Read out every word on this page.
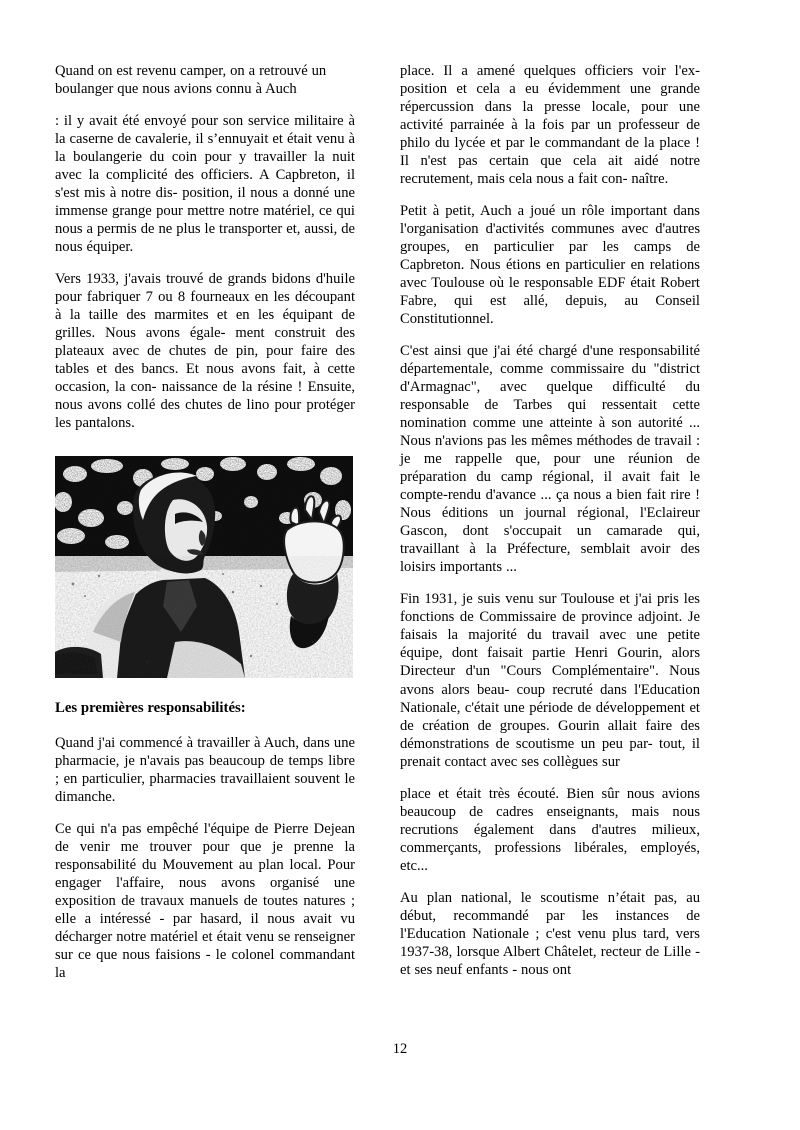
Quand on est revenu camper, on a retrouvé un boulanger que nous avions connu à Auch

: il y avait été envoyé pour son service militaire à la caserne de cavalerie, il s’ennuyait et était venu à la boulangerie du coin pour y travailler la nuit avec la complicité des officiers. A Capbreton, il s'est mis à notre dis- position, il nous a donné une immense grange pour mettre notre matériel, ce qui nous a permis de ne plus le transporter et, aussi, de nous équiper.

Vers 1933, j'avais trouvé de grands bidons d'huile pour fabriquer 7 ou 8 fourneaux en les découpant à la taille des marmites et en les équipant de grilles. Nous avons égale- ment construit des plateaux avec de chutes de pin, pour faire des tables et des bancs. Et nous avons fait, à cette occasion, la con- naissance de la résine ! Ensuite, nous avons collé des chutes de lino pour protéger les pantalons.

Les premières responsabilités:

Quand j'ai commencé à travailler à Auch, dans une pharmacie, je n'avais pas beaucoup de temps libre ; en particulier, pharmacies travaillaient souvent le dimanche.

Ce qui n'a pas empêché l'équipe de Pierre Dejean de venir me trouver pour que je prenne la responsabilité du Mouvement au plan local. Pour engager l'affaire, nous avons organisé une exposition de travaux manuels de toutes natures ; elle a intéressé - par hasard, il nous avait vu décharger notre matériel et était venu se renseigner sur ce que nous faisions - le colonel commandant la

place. Il a amené quelques officiers voir l'ex- position et cela a eu évidemment une grande répercussion dans la presse locale, pour une activité parrainée à la fois par un professeur de philo du lycée et par le commandant de la place ! Il n'est pas certain que cela ait aidé notre recrutement, mais cela nous a fait con- naître.

Petit à petit, Auch a joué un rôle important dans l'organisation d'activités communes avec d'autres groupes, en particulier par les camps de Capbreton. Nous étions en particulier en relations avec Toulouse où le responsable EDF était Robert Fabre, qui est allé, depuis, au Conseil Constitutionnel.

C'est ainsi que j'ai été chargé d'une responsabilité départementale, comme commissaire du "district d'Armagnac", avec quelque difficulté du responsable de Tarbes qui ressentait cette nomination comme une atteinte à son autorité ... Nous n'avions pas les mêmes méthodes de travail : je me rappelle que, pour une réunion de préparation du camp régional, il avait fait le compte-rendu d'avance ... ça nous a bien fait rire ! Nous éditions un journal régional, l'Eclaireur Gascon, dont s'occupait un camarade qui, travaillant à la Préfecture, semblait avoir des loisirs importants ...

Fin 1931, je suis venu sur Toulouse et j'ai pris les fonctions de Commissaire de province adjoint. Je faisais la majorité du travail avec une petite équipe, dont faisait partie Henri Gourin, alors Directeur d'un "Cours Complémentaire". Nous avons alors beau- coup recruté dans l'Education Nationale, c'était une période de développement et de création de groupes. Gourin allait faire des démonstrations de scoutisme un peu par- tout, il prenait contact avec ses collègues sur

place et était très écouté. Bien sûr nous avions beaucoup de cadres enseignants, mais nous recrutions également dans d'autres milieux, commerçants, professions libérales, employés, etc...

Au plan national, le scoutisme n’était pas, au début, recommandé par les instances de l'Education Nationale ; c'est venu plus tard, vers 1937-38, lorsque Albert Châtelet, recteur de Lille - et ses neuf enfants - nous ont

12
